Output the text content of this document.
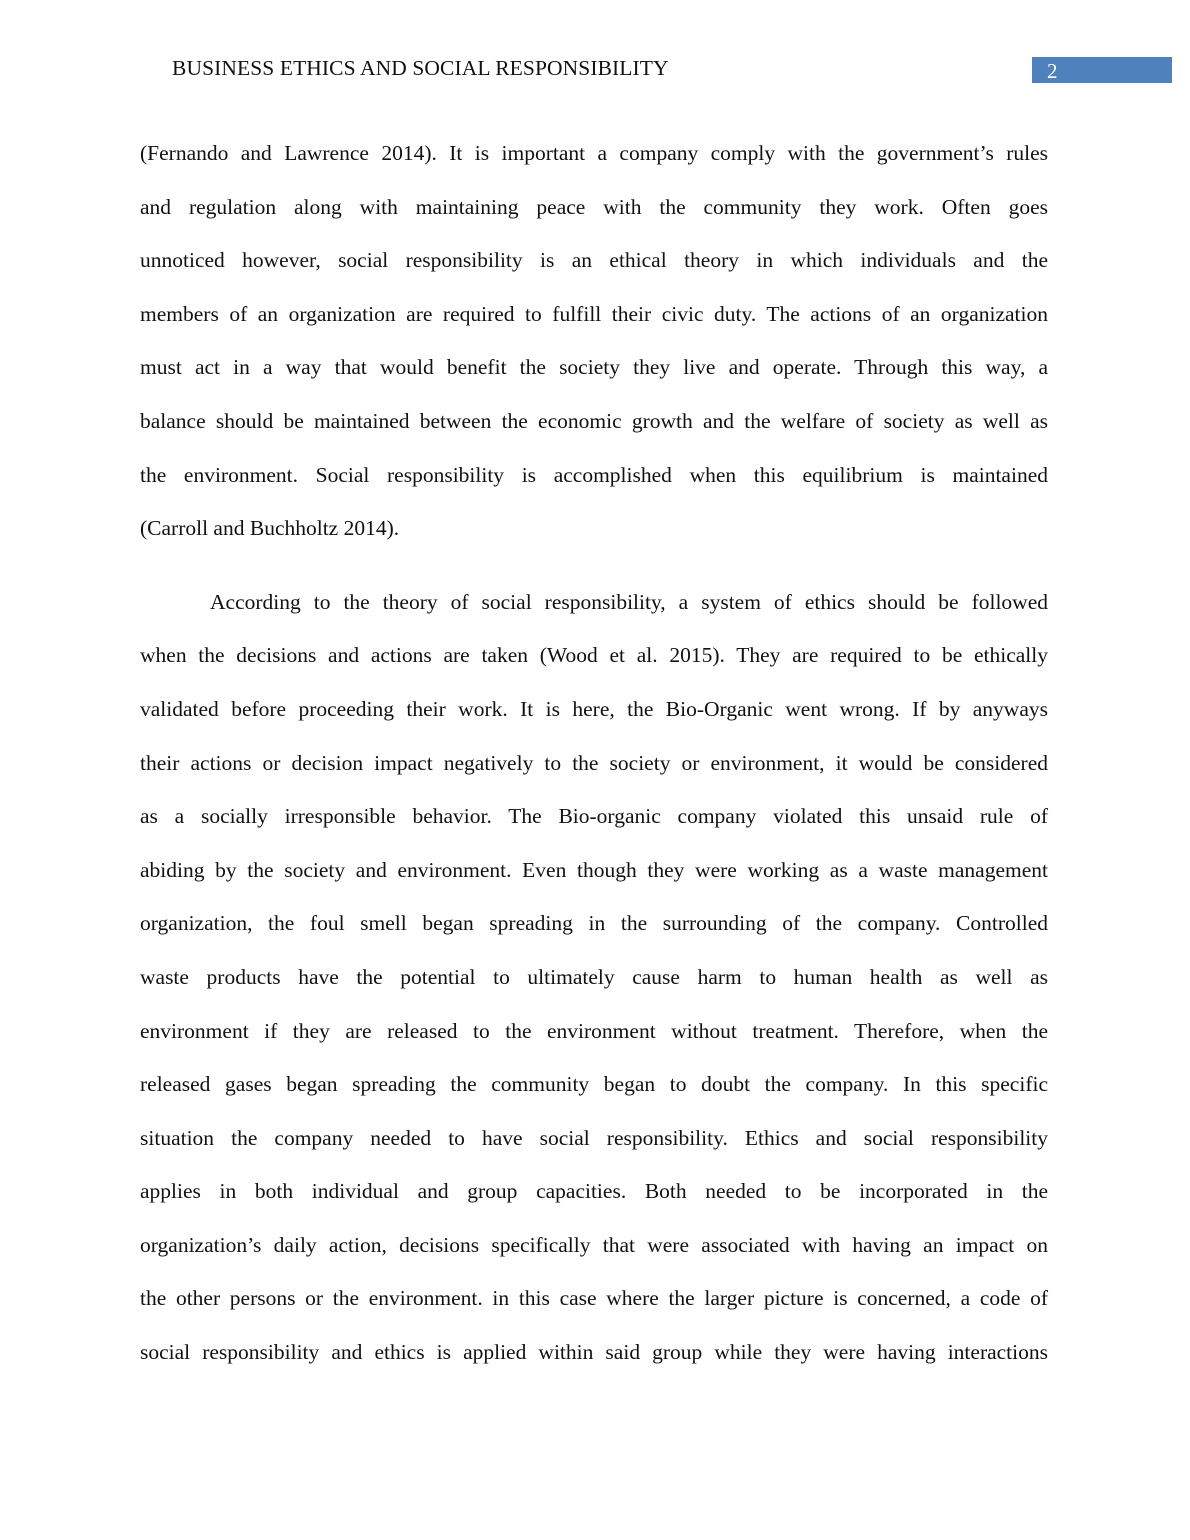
BUSINESS ETHICS AND SOCIAL RESPONSIBILITY	2
(Fernando and Lawrence 2014). It is important a company comply with the government’s rules
and regulation along with maintaining peace with the community they work. Often goes
unnoticed however, social responsibility is an ethical theory in which individuals and the
members of an organization are required to fulfill their civic duty. The actions of an organization
must act in a way that would benefit the society they live and operate. Through this way, a
balance should be maintained between the economic growth and the welfare of society as well as
the environment. Social responsibility is accomplished when this equilibrium is maintained
(Carroll and Buchholtz 2014).
According to the theory of social responsibility, a system of ethics should be followed
when the decisions and actions are taken (Wood et al. 2015). They are required to be ethically
validated before proceeding their work. It is here, the Bio-Organic went wrong. If by anyways
their actions or decision impact negatively to the society or environment, it would be considered
as a socially irresponsible behavior. The Bio-organic company violated this unsaid rule of
abiding by the society and environment. Even though they were working as a waste management
organization, the foul smell began spreading in the surrounding of the company. Controlled
waste products have the potential to ultimately cause harm to human health as well as
environment if they are released to the environment without treatment. Therefore, when the
released gases began spreading the community began to doubt the company. In this specific
situation the company needed to have social responsibility. Ethics and social responsibility
applies in both individual and group capacities. Both needed to be incorporated in the
organization’s daily action, decisions specifically that were associated with having an impact on
the other persons or the environment. in this case where the larger picture is concerned, a code of
social responsibility and ethics is applied within said group while they were having interactions
